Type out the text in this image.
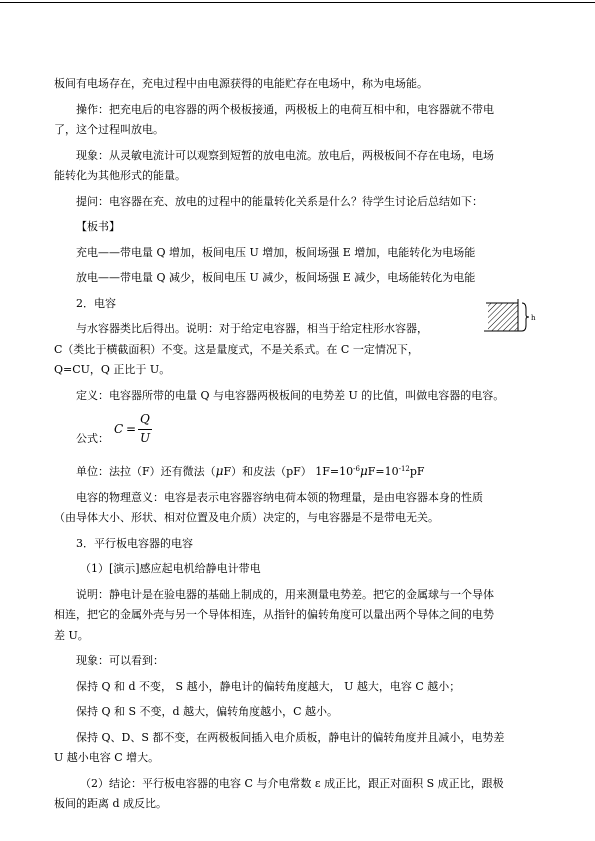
板间有电场存在，充电过程中由电源获得的电能贮存在电场中，称为电场能。

操作：把充电后的电容器的两个极板接通，两极板上的电荷互相中和，电容器就不带电

了，这个过程叫放电。

现象：从灵敏电流计可以观察到短暂的放电电流。放电后，两极板间不存在电场，电场

能转化为其他形式的能量。

提问：电容器在充、放电的过程中的能量转化关系是什么？待学生讨论后总结如下：

【板书】

充电——带电量 Q 增加，板间电压 U 增加，板间场强 E 增加，电能转化为电场能

放电——带电量 Q 减少，板间电压 U 减少，板间场强 E 减少，电场能转化为电能

2．电容

与水容器类比后得出。说明：对于给定电容器，相当于给定柱形水容器，

C（类比于横截面积）不变。这是量度式，不是关系式。在 C 一定情况下，

Q=CU，Q 正比于 U。

定义：电容器所带的电量 Q 与电容器两极板间的电势差 U 的比值，叫做电容器的电容。

公式：
C =
Q
U

单位：法拉（F）还有微法（μF）和皮法（pF） $1F=10^{-6}\mu F=10^{-12}pF$

电容的物理意义：电容是表示电容器容纳电荷本领的物理量，是由电容器本身的性质

（由导体大小、形状、相对位置及电介质）决定的，与电容器是不是带电无关。

3．平行板电容器的电容

（1）[演示]感应起电机给静电计带电

说明：静电计是在验电器的基础上制成的，用来测量电势差。把它的金属球与一个导体

相连，把它的金属外壳与另一个导体相连，从指针的偏转角度可以量出两个导体之间的电势

差 U。

现象：可以看到：

保持 Q 和 d 不变， S 越小，静电计的偏转角度越大， U 越大，电容 C 越小；

保持 Q 和 S 不变，d 越大，偏转角度越小，C 越小。

保持 Q、D、S 都不变，在两极板间插入电介质板，静电计的偏转角度并且减小，电势差

U 越小电容 C 增大。

（2）结论：平行板电容器的电容 C 与介电常数 ε 成正比，跟正对面积 S 成正比，跟极

板间的距离 d 成反比。

h
